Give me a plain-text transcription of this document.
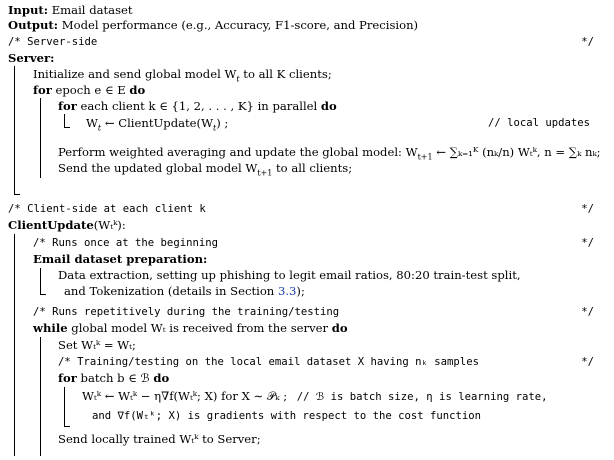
Input: Email dataset
Output: Model performance (e.g., Accuracy, F1-score, and Precision)
/* Server-side	*/
Server:
Initialize and send global model $W_t$ to all K clients;
for epoch e ∈ E do
for each client k ∈ {1, 2, . . . , K} in parallel do
$W_t$ ← $ClientUpdate(W_t)$ ;	// local updates
Perform weighted averaging and update the global model: $W_{t+1}$ ← ∑ₖ₌₁ᴷ (nₖ/n) Wₜᵏ, n = ∑ₖ nₖ;
Send the updated global model $W_{t+1}$ to all clients;
/* Client-side at each client k	*/
ClientUpdate(Wₜᵏ):
/* Runs once at the beginning	*/
Email dataset preparation:
Data extraction, setting up phishing to legit email ratios, 80:20 train-test split,
and Tokenization (details in Section 3.3);
/* Runs repetitively during the training/testing	*/
while global model Wₜ is received from the server do
Set Wₜᵏ = Wₜ;
/* Training/testing on the local email dataset X having nₖ samples	*/
for batch b ∈ ℬ do
Wₜᵏ ← Wₜᵏ − η∇f(Wₜᵏ; X) for X ∼ 𝒫ₖ ; // ℬ is batch size, η is learning rate,
and ∇f(Wₜᵏ; X) is gradients with respect to the cost function
Send locally trained Wₜᵏ to Server;
